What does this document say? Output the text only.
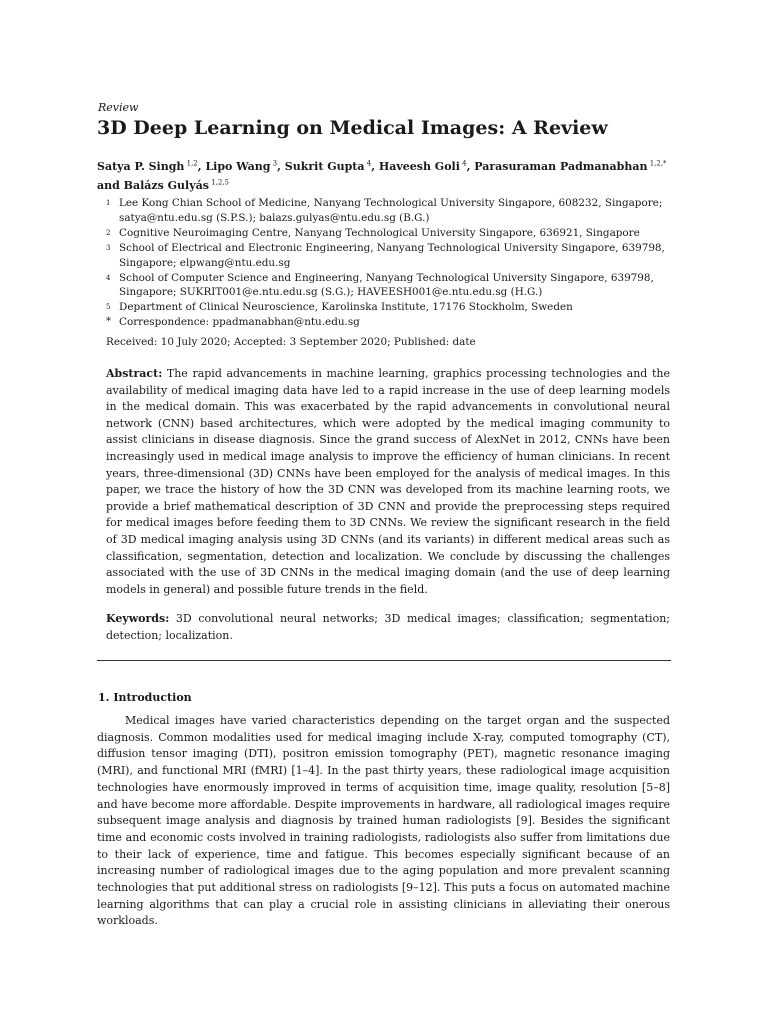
Review
3D Deep Learning on Medical Images: A Review
Satya P. Singh  $^{1,2}$, Lipo Wang  $^3$, Sukrit Gupta  $^4$, Haveesh Goli  $^4$, Parasuraman Padmanabhan  $^{1,2,*}$
and Balázs Gulyás  $^{1,2,5}$
1 Lee Kong Chian School of Medicine, Nanyang Technological University Singapore, 608232, Singapore; satya@ntu.edu.sg (S.P.S.); balazs.gulyas@ntu.edu.sg (B.G.)
2 Cognitive Neuroimaging Centre, Nanyang Technological University Singapore, 636921, Singapore
3 School of Electrical and Electronic Engineering, Nanyang Technological University Singapore, 639798, Singapore; elpwang@ntu.edu.sg
4 School of Computer Science and Engineering, Nanyang Technological University Singapore, 639798, Singapore; SUKRIT001@e.ntu.edu.sg (S.G.); HAVEESH001@e.ntu.edu.sg (H.G.)
5 Department of Clinical Neuroscience, Karolinska Institute, 17176 Stockholm, Sweden
* Correspondence: ppadmanabhan@ntu.edu.sg
Received: 10 July 2020; Accepted: 3 September 2020; Published: date
Abstract: The rapid advancements in machine learning, graphics processing technologies and the availability of medical imaging data have led to a rapid increase in the use of deep learning models in the medical domain. This was exacerbated by the rapid advancements in convolutional neural network (CNN) based architectures, which were adopted by the medical imaging community to assist clinicians in disease diagnosis. Since the grand success of AlexNet in 2012, CNNs have been increasingly used in medical image analysis to improve the efficiency of human clinicians. In recent years, three-dimensional (3D) CNNs have been employed for the analysis of medical images. In this paper, we trace the history of how the 3D CNN was developed from its machine learning roots, we provide a brief mathematical description of 3D CNN and provide the preprocessing steps required for medical images before feeding them to 3D CNNs. We review the significant research in the field of 3D medical imaging analysis using 3D CNNs (and its variants) in different medical areas such as classification, segmentation, detection and localization. We conclude by discussing the challenges associated with the use of 3D CNNs in the medical imaging domain (and the use of deep learning models in general) and possible future trends in the field.
Keywords: 3D convolutional neural networks; 3D medical images; classification; segmentation; detection; localization.
1. Introduction
Medical images have varied characteristics depending on the target organ and the suspected diagnosis. Common modalities used for medical imaging include X-ray, computed tomography (CT), diffusion tensor imaging (DTI), positron emission tomography (PET), magnetic resonance imaging (MRI), and functional MRI (fMRI) [1–4]. In the past thirty years, these radiological image acquisition technologies have enormously improved in terms of acquisition time, image quality, resolution [5–8] and have become more affordable. Despite improvements in hardware, all radiological images require subsequent image analysis and diagnosis by trained human radiologists [9]. Besides the significant time and economic costs involved in training radiologists, radiologists also suffer from limitations due to their lack of experience, time and fatigue. This becomes especially significant because of an increasing number of radiological images due to the aging population and more prevalent scanning technologies that put additional stress on radiologists [9–12]. This puts a focus on automated machine learning algorithms that can play a crucial role in assisting clinicians in alleviating their onerous workloads.
